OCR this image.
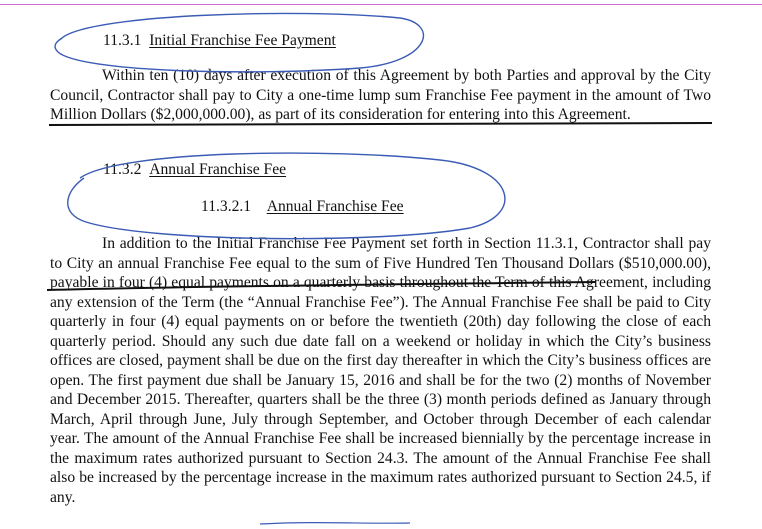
11.3.1 Initial Franchise Fee Payment
Within ten (10) days after execution of this Agreement by both Parties and approval by the City Council, Contractor shall pay to City a one-time lump sum Franchise Fee payment in the amount of Two Million Dollars ($2,000,000.00), as part of its consideration for entering into this Agreement.
11.3.2 Annual Franchise Fee
11.3.2.1 Annual Franchise Fee
In addition to the Initial Franchise Fee Payment set forth in Section 11.3.1, Contractor shall pay to City an annual Franchise Fee equal to the sum of Five Hundred Ten Thousand Dollars ($510,000.00), payable in four (4) equal payments on a quarterly basis throughout the Term of this Agreement, including any extension of the Term (the “Annual Franchise Fee”). The Annual Franchise Fee shall be paid to City quarterly in four (4) equal payments on or before the twentieth (20th) day following the close of each quarterly period. Should any such due date fall on a weekend or holiday in which the City’s business offices are closed, payment shall be due on the first day thereafter in which the City’s business offices are open. The first payment due shall be January 15, 2016 and shall be for the two (2) months of November and December 2015. Thereafter, quarters shall be the three (3) month periods defined as January through March, April through June, July through September, and October through December of each calendar year. The amount of the Annual Franchise Fee shall be increased biennially by the percentage increase in the maximum rates authorized pursuant to Section 24.3. The amount of the Annual Franchise Fee shall also be increased by the percentage increase in the maximum rates authorized pursuant to Section 24.5, if any.
